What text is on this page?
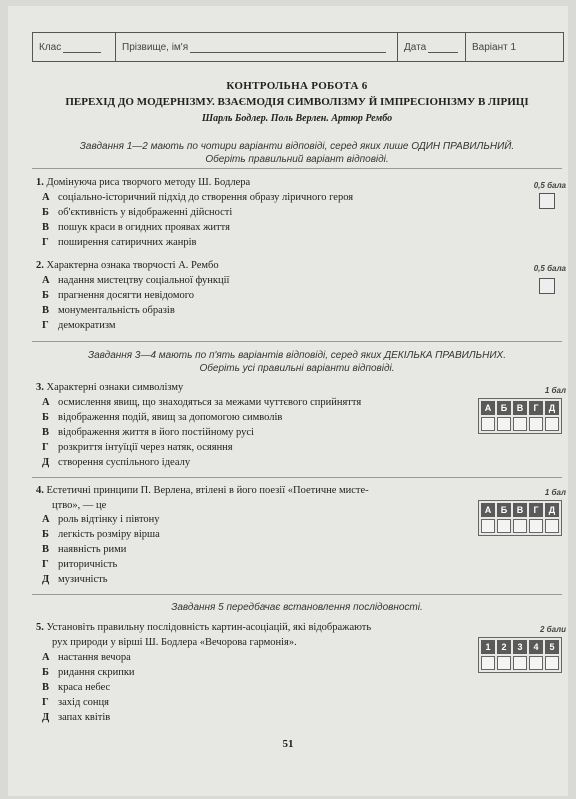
Клас	Прізвище, ім'я	Дата	Варіант 1
КОНТРОЛЬНА РОБОТА 6
ПЕРЕХІД ДО МОДЕРНІЗМУ. ВЗАЄМОДІЯ СИМВОЛІЗМУ Й ІМПРЕСІОНІЗМУ В ЛІРИЦІ
Шарль Бодлер. Поль Верлен. Артюр Рембо
Завдання 1—2 мають по чотири варіанти відповіді, серед яких лише ОДИН ПРАВИЛЬНИЙ.
Оберіть правильний варіант відповіді.
1. Домінуюча риса творчого методу Ш. Бодлера	0,5 бала
А соціально-історичний підхід до створення образу ліричного героя
Б об'єктивність у відображенні дійсності
В пошук краси в огидних проявах життя
Г поширення сатиричних жанрів
2. Характерна ознака творчості А. Рембо	0,5 бала
А надання мистецтву соціальної функції
Б прагнення досягти невідомого
В монументальність образів
Г демократизм
Завдання 3—4 мають по п'ять варіантів відповіді, серед яких ДЕКІЛЬКА ПРАВИЛЬНИХ.
Оберіть усі правильні варіанти відповіді.
3. Характерні ознаки символізму	1 бал
А	Б	В	Г	Д
А осмислення явищ, що знаходяться за межами чуттєвого сприйняття
Б відображення подій, явищ за допомогою символів
В відображення життя в його постійному русі
Г розкриття інтуїції через натяк, осяяння
Д створення суспільного ідеалу
4. Естетичні принципи П. Верлена, втілені в його поезії «Поетичне мисте-
цтво», — це
1 бал
А	Б	В	Г	Д
А роль відтінку і півтону
Б легкість розміру вірша
В наявність рими
Г риторичність
Д музичність
Завдання 5 передбачає встановлення послідовності.
5. Установіть правильну послідовність картин-асоціацій, які відображають
рух природи у вірші Ш. Бодлера «Вечорова гармонія».
2 бали
1	2	3	4	5
А настання вечора
Б ридання скрипки
В краса небес
Г захід сонця
Д запах квітів
51
